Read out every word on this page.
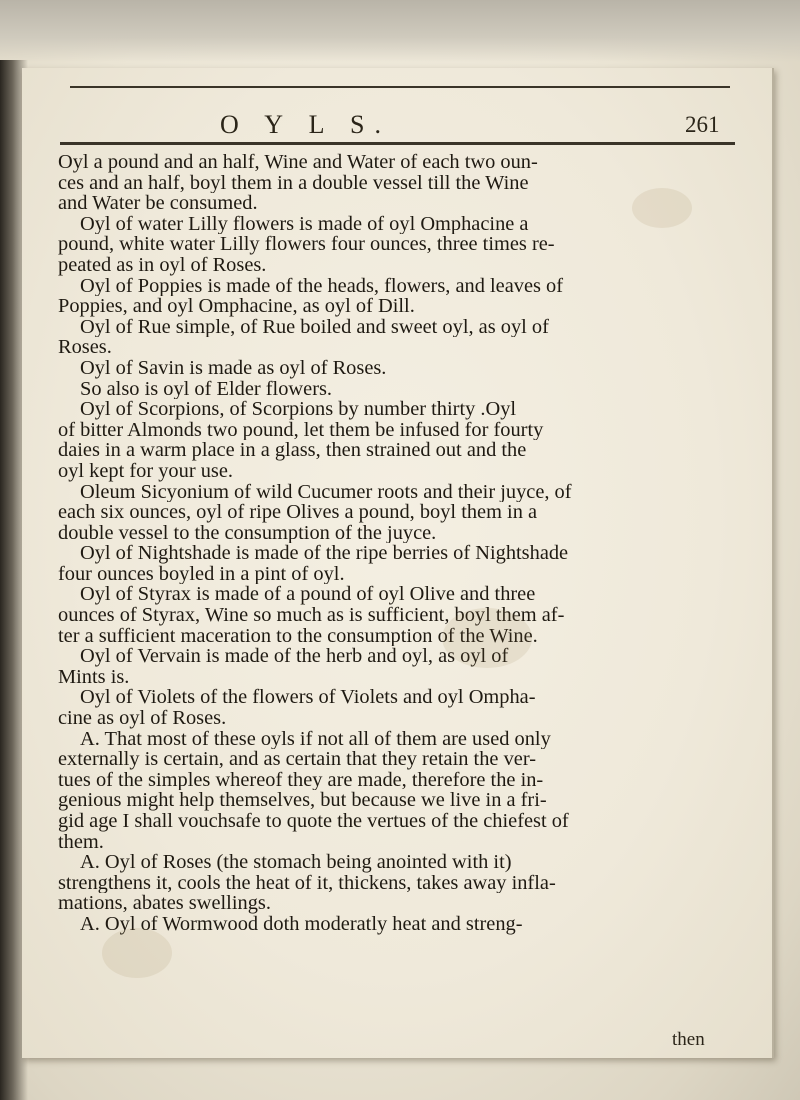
O Y L S.	261
Oyl a pound and an half, Wine and Water of each two oun-
ces and an half, boyl them in a double vessel till the Wine
and Water be consumed.
Oyl of water Lilly flowers is made of oyl Omphacine a
pound, white water Lilly flowers four ounces, three times re-
peated as in oyl of Roses.
Oyl of Poppies is made of the heads, flowers, and leaves of
Poppies, and oyl Omphacine, as oyl of Dill.
Oyl of Rue simple, of Rue boiled and sweet oyl, as oyl of
Roses.
Oyl of Savin is made as oyl of Roses.
So also is oyl of Elder flowers.
Oyl of Scorpions, of Scorpions by number thirty .Oyl
of bitter Almonds two pound, let them be infused for fourty
daies in a warm place in a glass, then strained out and the
oyl kept for your use.
Oleum Sicyonium of wild Cucumer roots and their juyce, of
each six ounces, oyl of ripe Olives a pound, boyl them in a
double vessel to the consumption of the juyce.
Oyl of Nightshade is made of the ripe berries of Nightshade
four ounces boyled in a pint of oyl.
Oyl of Styrax is made of a pound of oyl Olive and three
ounces of Styrax, Wine so much as is sufficient, boyl them af-
ter a sufficient maceration to the consumption of the Wine.
Oyl of Vervain is made of the herb and oyl, as oyl of
Mints is.
Oyl of Violets of the flowers of Violets and oyl Ompha-
cine as oyl of Roses.
A. That most of these oyls if not all of them are used only
externally is certain, and as certain that they retain the ver-
tues of the simples whereof they are made, therefore the in-
genious might help themselves, but because we live in a fri-
gid age I shall vouchsafe to quote the vertues of the chiefest of
them.
A. Oyl of Roses (the stomach being anointed with it)
strengthens it, cools the heat of it, thickens, takes away infla-
mations, abates swellings.
A. Oyl of Wormwood doth moderatly heat and streng-
then
